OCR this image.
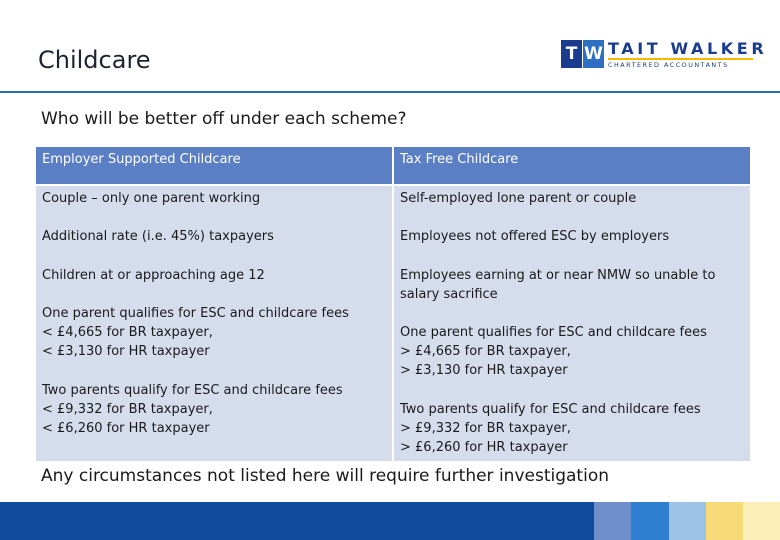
Childcare	T W TAIT WALKER
CHARTERED ACCOUNTANTS

Who will be better off under each scheme?

Employer Supported Childcare	Tax Free Childcare
Couple – only one parent working
Additional rate (i.e. 45%) taxpayers
Children at or approaching age 12
One parent qualifies for ESC and childcare fees
< £4,665 for BR taxpayer,
< £3,130 for HR taxpayer
Two parents qualify for ESC and childcare fees
< £9,332 for BR taxpayer,
< £6,260 for HR taxpayer
Self-employed lone parent or couple
Employees not offered ESC by employers
Employees earning at or near NMW so unable to
salary sacrifice
One parent qualifies for ESC and childcare fees
> £4,665 for BR taxpayer,
> £3,130 for HR taxpayer
Two parents qualify for ESC and childcare fees
> £9,332 for BR taxpayer,
> £6,260 for HR taxpayer

Any circumstances not listed here will require further investigation
